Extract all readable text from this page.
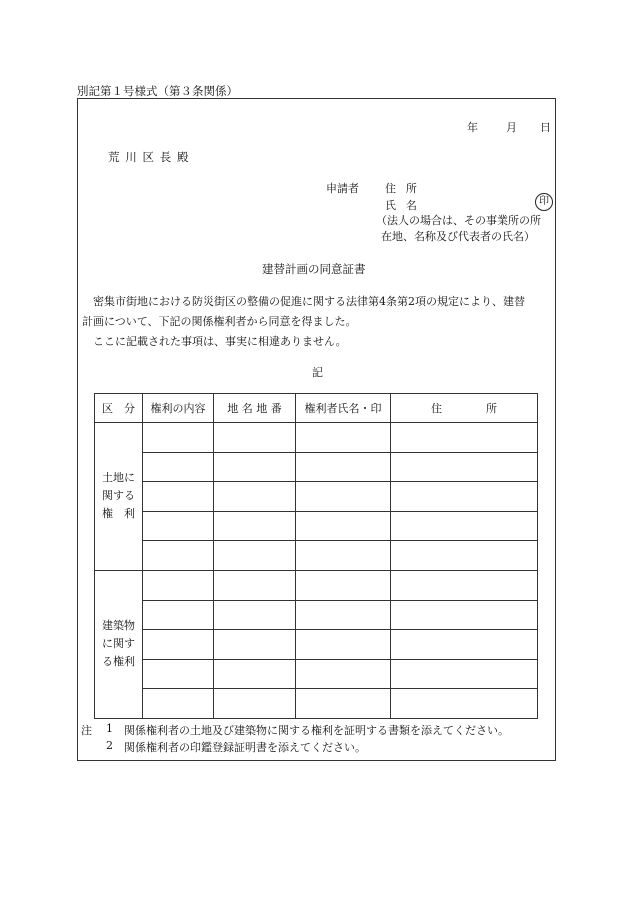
別記第１号様式（第３条関係）
年	月 日
荒川区長殿
申請者 住所
氏名	印
（法人の場合は、その事業所の所
在地、名称及び代表者の氏名）
建替計画の同意証書
密集市街地における防災街区の整備の促進に関する法律第4条第2項の規定により、建替
計画について、下記の関係権利者から同意を得ました。
ここに記載された事項は、事実に相違ありません。
記
区　分	権利の内容	地 名 地 番	権利者氏名・印	住　　　　所

土地に
関する
権　利				

建築物
に関す
る権利				

注 1 関係権利者の土地及び建築物に関する権利を証明する書類を添えてください。
2 関係権利者の印鑑登録証明書を添えてください。
